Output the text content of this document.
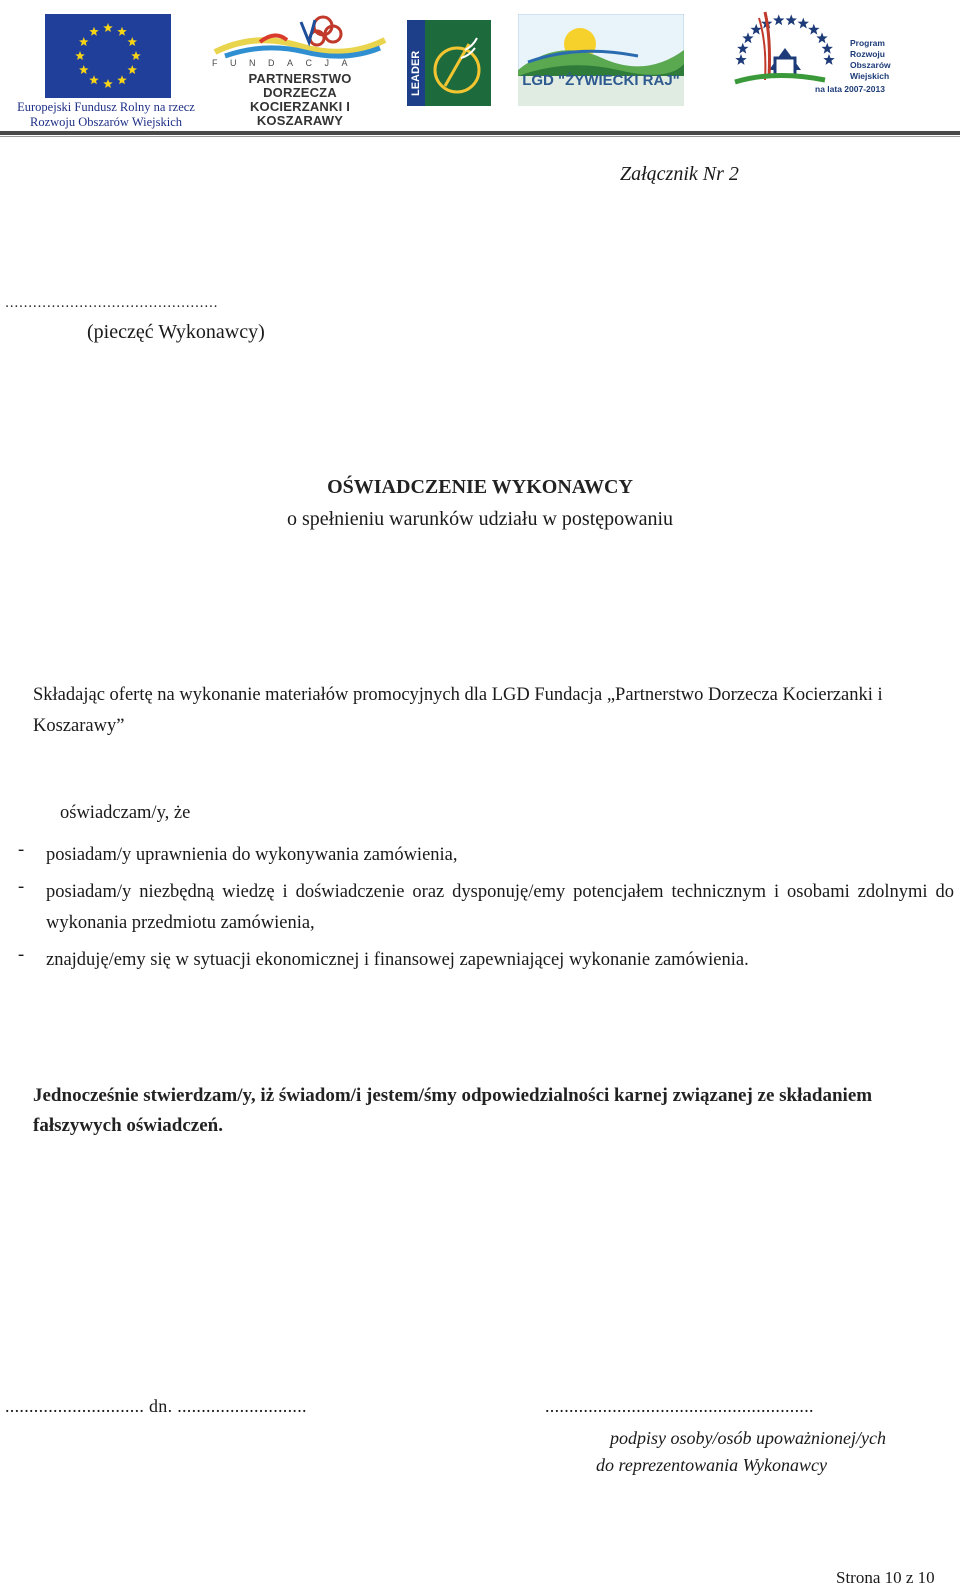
Europejski Fundusz Rolny na rzecz
Rozwoju Obszarów Wiejskich
FUNDACJA
PARTNERSTWO DORZECZA
KOCIERZANKI I KOSZARAWY
LEADER	LGD "ŻYWIECKI RAJ"
Program
Rozwoju
Obszarów
Wiejskich
na lata 2007-2013
Załącznik Nr 2
..............................................
(pieczęć Wykonawcy)
OŚWIADCZENIE WYKONAWCY
o spełnieniu warunków udziału w postępowaniu
Składając ofertę na wykonanie materiałów promocyjnych dla LGD Fundacja „Partnerstwo Dorzecza Kocierzanki i Koszarawy”
oświadczam/y, że
-	posiadam/y uprawnienia do wykonywania zamówienia,
-	posiadam/y niezbędną wiedzę i doświadczenie oraz dysponuję/emy potencjałem technicznym i osobami zdolnymi do wykonania przedmiotu zamówienia,
-	znajduję/emy się w sytuacji ekonomicznej i finansowej zapewniającej wykonanie zamówienia.
Jednocześnie stwierdzam/y, iż świadom/i jestem/śmy odpowiedzialności karnej związanej ze składaniem fałszywych oświadczeń.
............................. dn. ...........................	........................................................
podpisy osoby/osób upoważnionej/ych
do reprezentowania Wykonawcy
Strona 10 z 10
